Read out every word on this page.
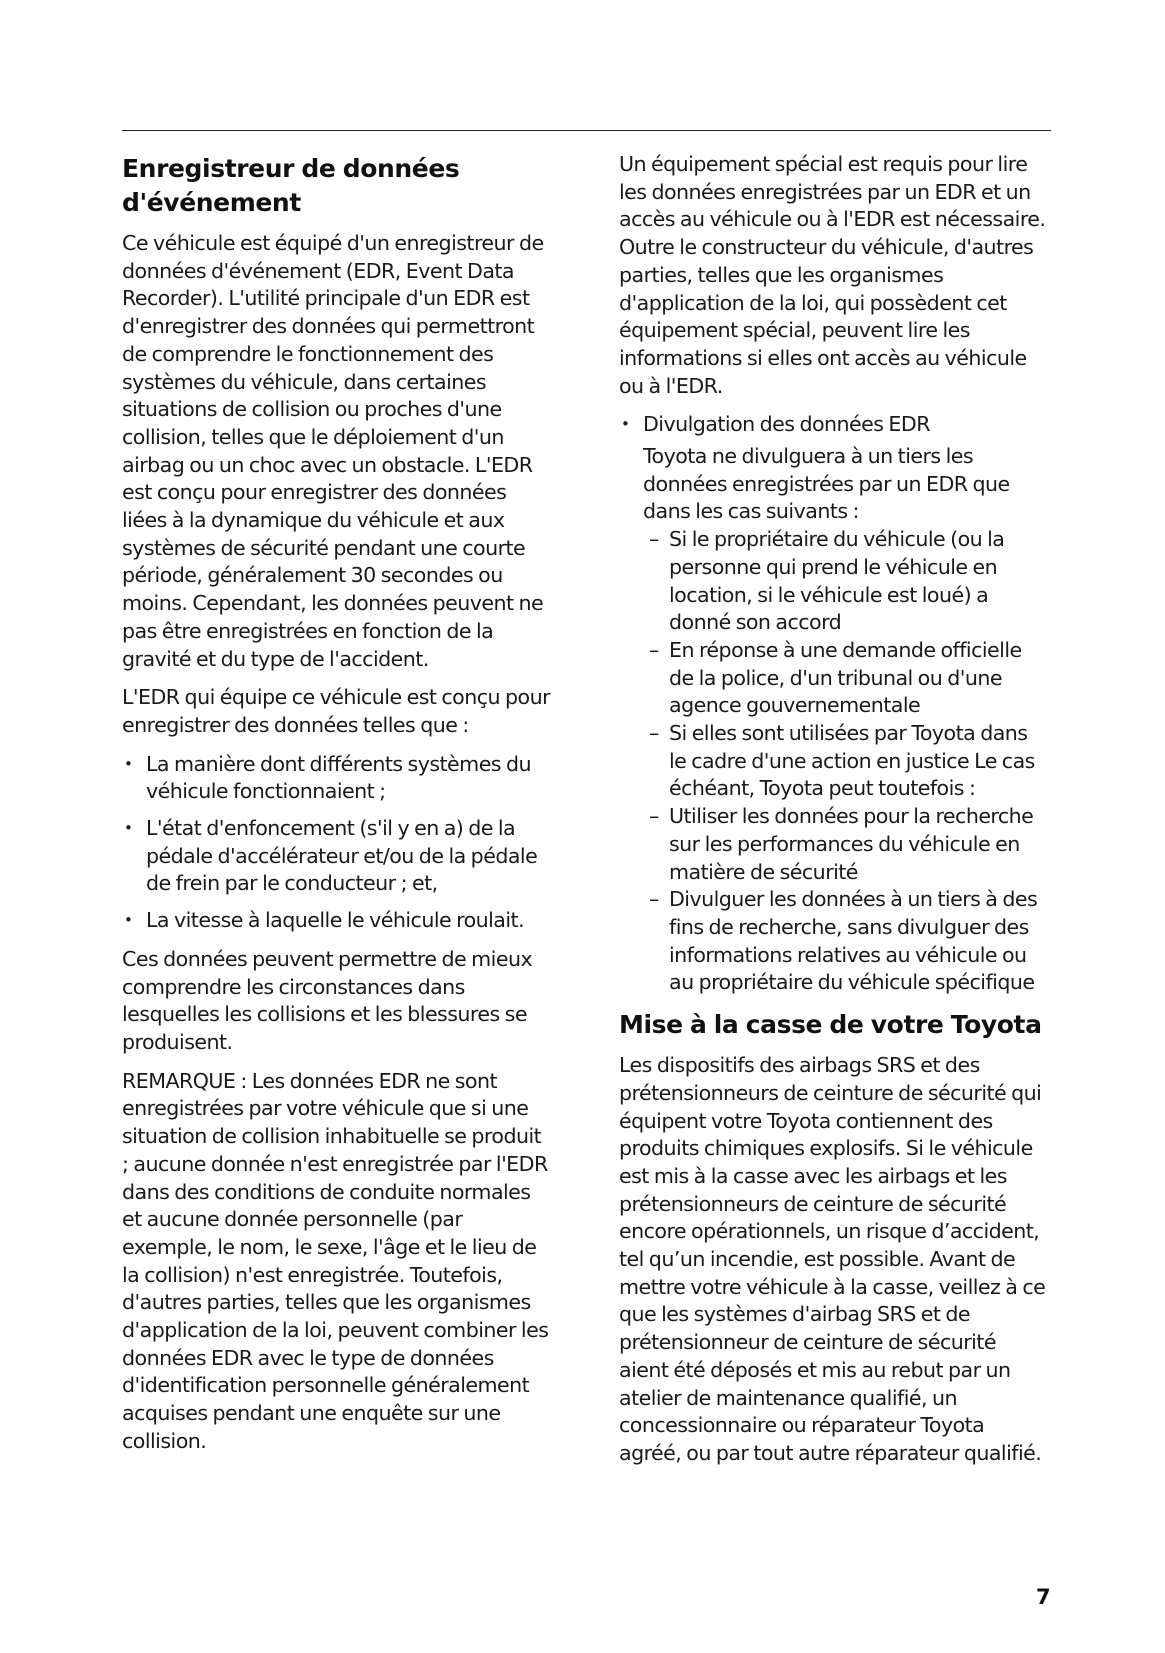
Enregistreur de données d'événement

Ce véhicule est équipé d'un enregistreur de données d'événement (EDR, Event Data Recorder). L'utilité principale d'un EDR est d'enregistrer des données qui permettront de comprendre le fonctionnement des systèmes du véhicule, dans certaines situations de collision ou proches d'une collision, telles que le déploiement d'un airbag ou un choc avec un obstacle. L'EDR est conçu pour enregistrer des données liées à la dynamique du véhicule et aux systèmes de sécurité pendant une courte période, généralement 30 secondes ou moins. Cependant, les données peuvent ne pas être enregistrées en fonction de la gravité et du type de l'accident.

L'EDR qui équipe ce véhicule est conçu pour enregistrer des données telles que :

• La manière dont différents systèmes du véhicule fonctionnaient ;
• L'état d'enfoncement (s'il y en a) de la pédale d'accélérateur et/ou de la pédale de frein par le conducteur ; et,
• La vitesse à laquelle le véhicule roulait.

Ces données peuvent permettre de mieux comprendre les circonstances dans lesquelles les collisions et les blessures se produisent.

REMARQUE : Les données EDR ne sont enregistrées par votre véhicule que si une situation de collision inhabituelle se produit ; aucune donnée n'est enregistrée par l'EDR dans des conditions de conduite normales et aucune donnée personnelle (par exemple, le nom, le sexe, l'âge et le lieu de la collision) n'est enregistrée. Toutefois, d'autres parties, telles que les organismes d'application de la loi, peuvent combiner les données EDR avec le type de données d'identification personnelle généralement acquises pendant une enquête sur une collision.

Un équipement spécial est requis pour lire les données enregistrées par un EDR et un accès au véhicule ou à l'EDR est nécessaire. Outre le constructeur du véhicule, d'autres parties, telles que les organismes d'application de la loi, qui possèdent cet équipement spécial, peuvent lire les informations si elles ont accès au véhicule ou à l'EDR.

• Divulgation des données EDR

Toyota ne divulguera à un tiers les données enregistrées par un EDR que dans les cas suivants :

– Si le propriétaire du véhicule (ou la personne qui prend le véhicule en location, si le véhicule est loué) a donné son accord
– En réponse à une demande officielle de la police, d'un tribunal ou d'une agence gouvernementale
– Si elles sont utilisées par Toyota dans le cadre d'une action en justice Le cas échéant, Toyota peut toutefois :
– Utiliser les données pour la recherche sur les performances du véhicule en matière de sécurité
– Divulguer les données à un tiers à des fins de recherche, sans divulguer des informations relatives au véhicule ou au propriétaire du véhicule spécifique
Mise à la casse de votre Toyota

Les dispositifs des airbags SRS et des prétensionneurs de ceinture de sécurité qui équipent votre Toyota contiennent des produits chimiques explosifs. Si le véhicule est mis à la casse avec les airbags et les prétensionneurs de ceinture de sécurité encore opérationnels, un risque d’accident, tel qu’un incendie, est possible. Avant de mettre votre véhicule à la casse, veillez à ce que les systèmes d'airbag SRS et de prétensionneur de ceinture de sécurité aient été déposés et mis au rebut par un atelier de maintenance qualifié, un concessionnaire ou réparateur Toyota agréé, ou par tout autre réparateur qualifié.

7
